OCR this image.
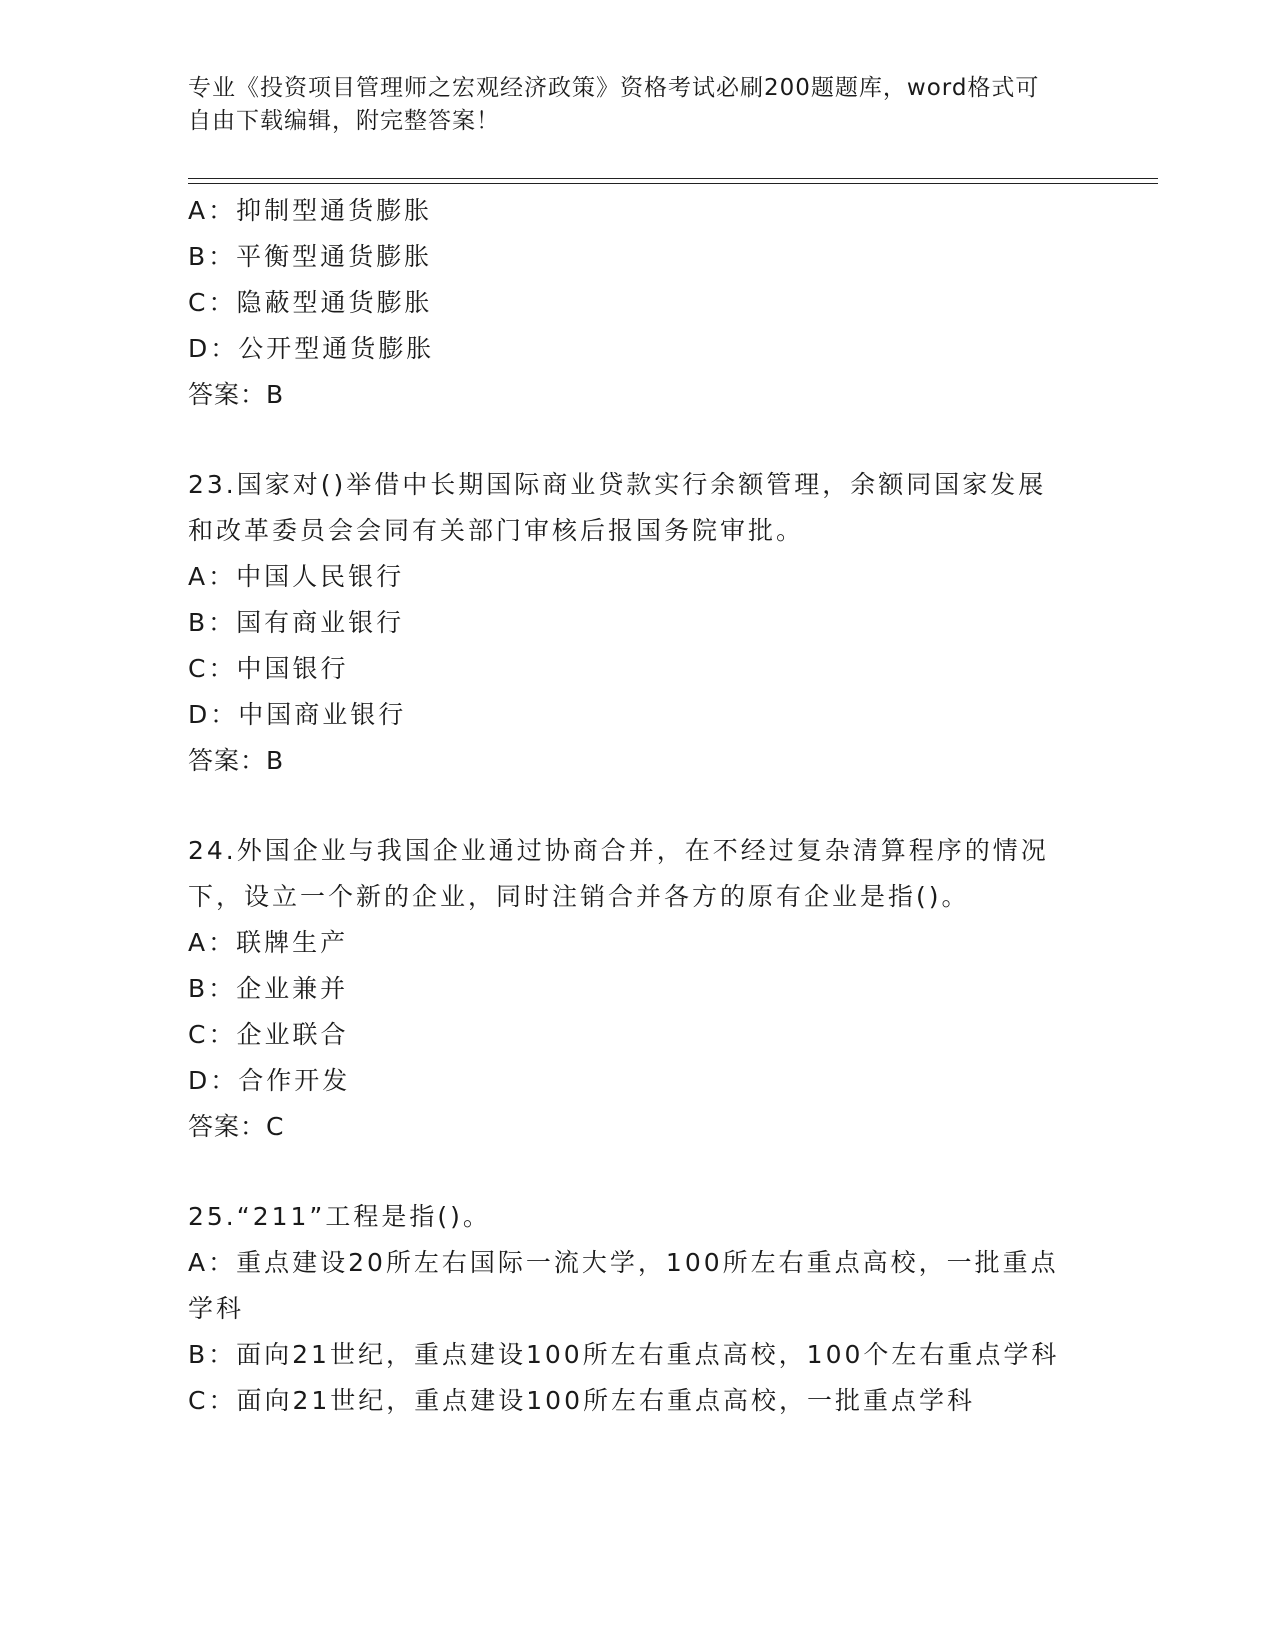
专业《投资项目管理师之宏观经济政策》资格考试必刷200题题库，word格式可
自由下载编辑，附完整答案！
A：抑制型通货膨胀
B：平衡型通货膨胀
C：隐蔽型通货膨胀
D：公开型通货膨胀
答案：B
23.国家对()举借中长期国际商业贷款实行余额管理，余额同国家发展
和改革委员会会同有关部门审核后报国务院审批。
A：中国人民银行
B：国有商业银行
C：中国银行
D：中国商业银行
答案：B
24.外国企业与我国企业通过协商合并，在不经过复杂清算程序的情况
下，设立一个新的企业，同时注销合并各方的原有企业是指()。
A：联牌生产
B：企业兼并
C：企业联合
D：合作开发
答案：C
25.“211”工程是指()。
A：重点建设20所左右国际一流大学，100所左右重点高校，一批重点
学科
B：面向21世纪，重点建设100所左右重点高校，100个左右重点学科
C：面向21世纪，重点建设100所左右重点高校，一批重点学科
